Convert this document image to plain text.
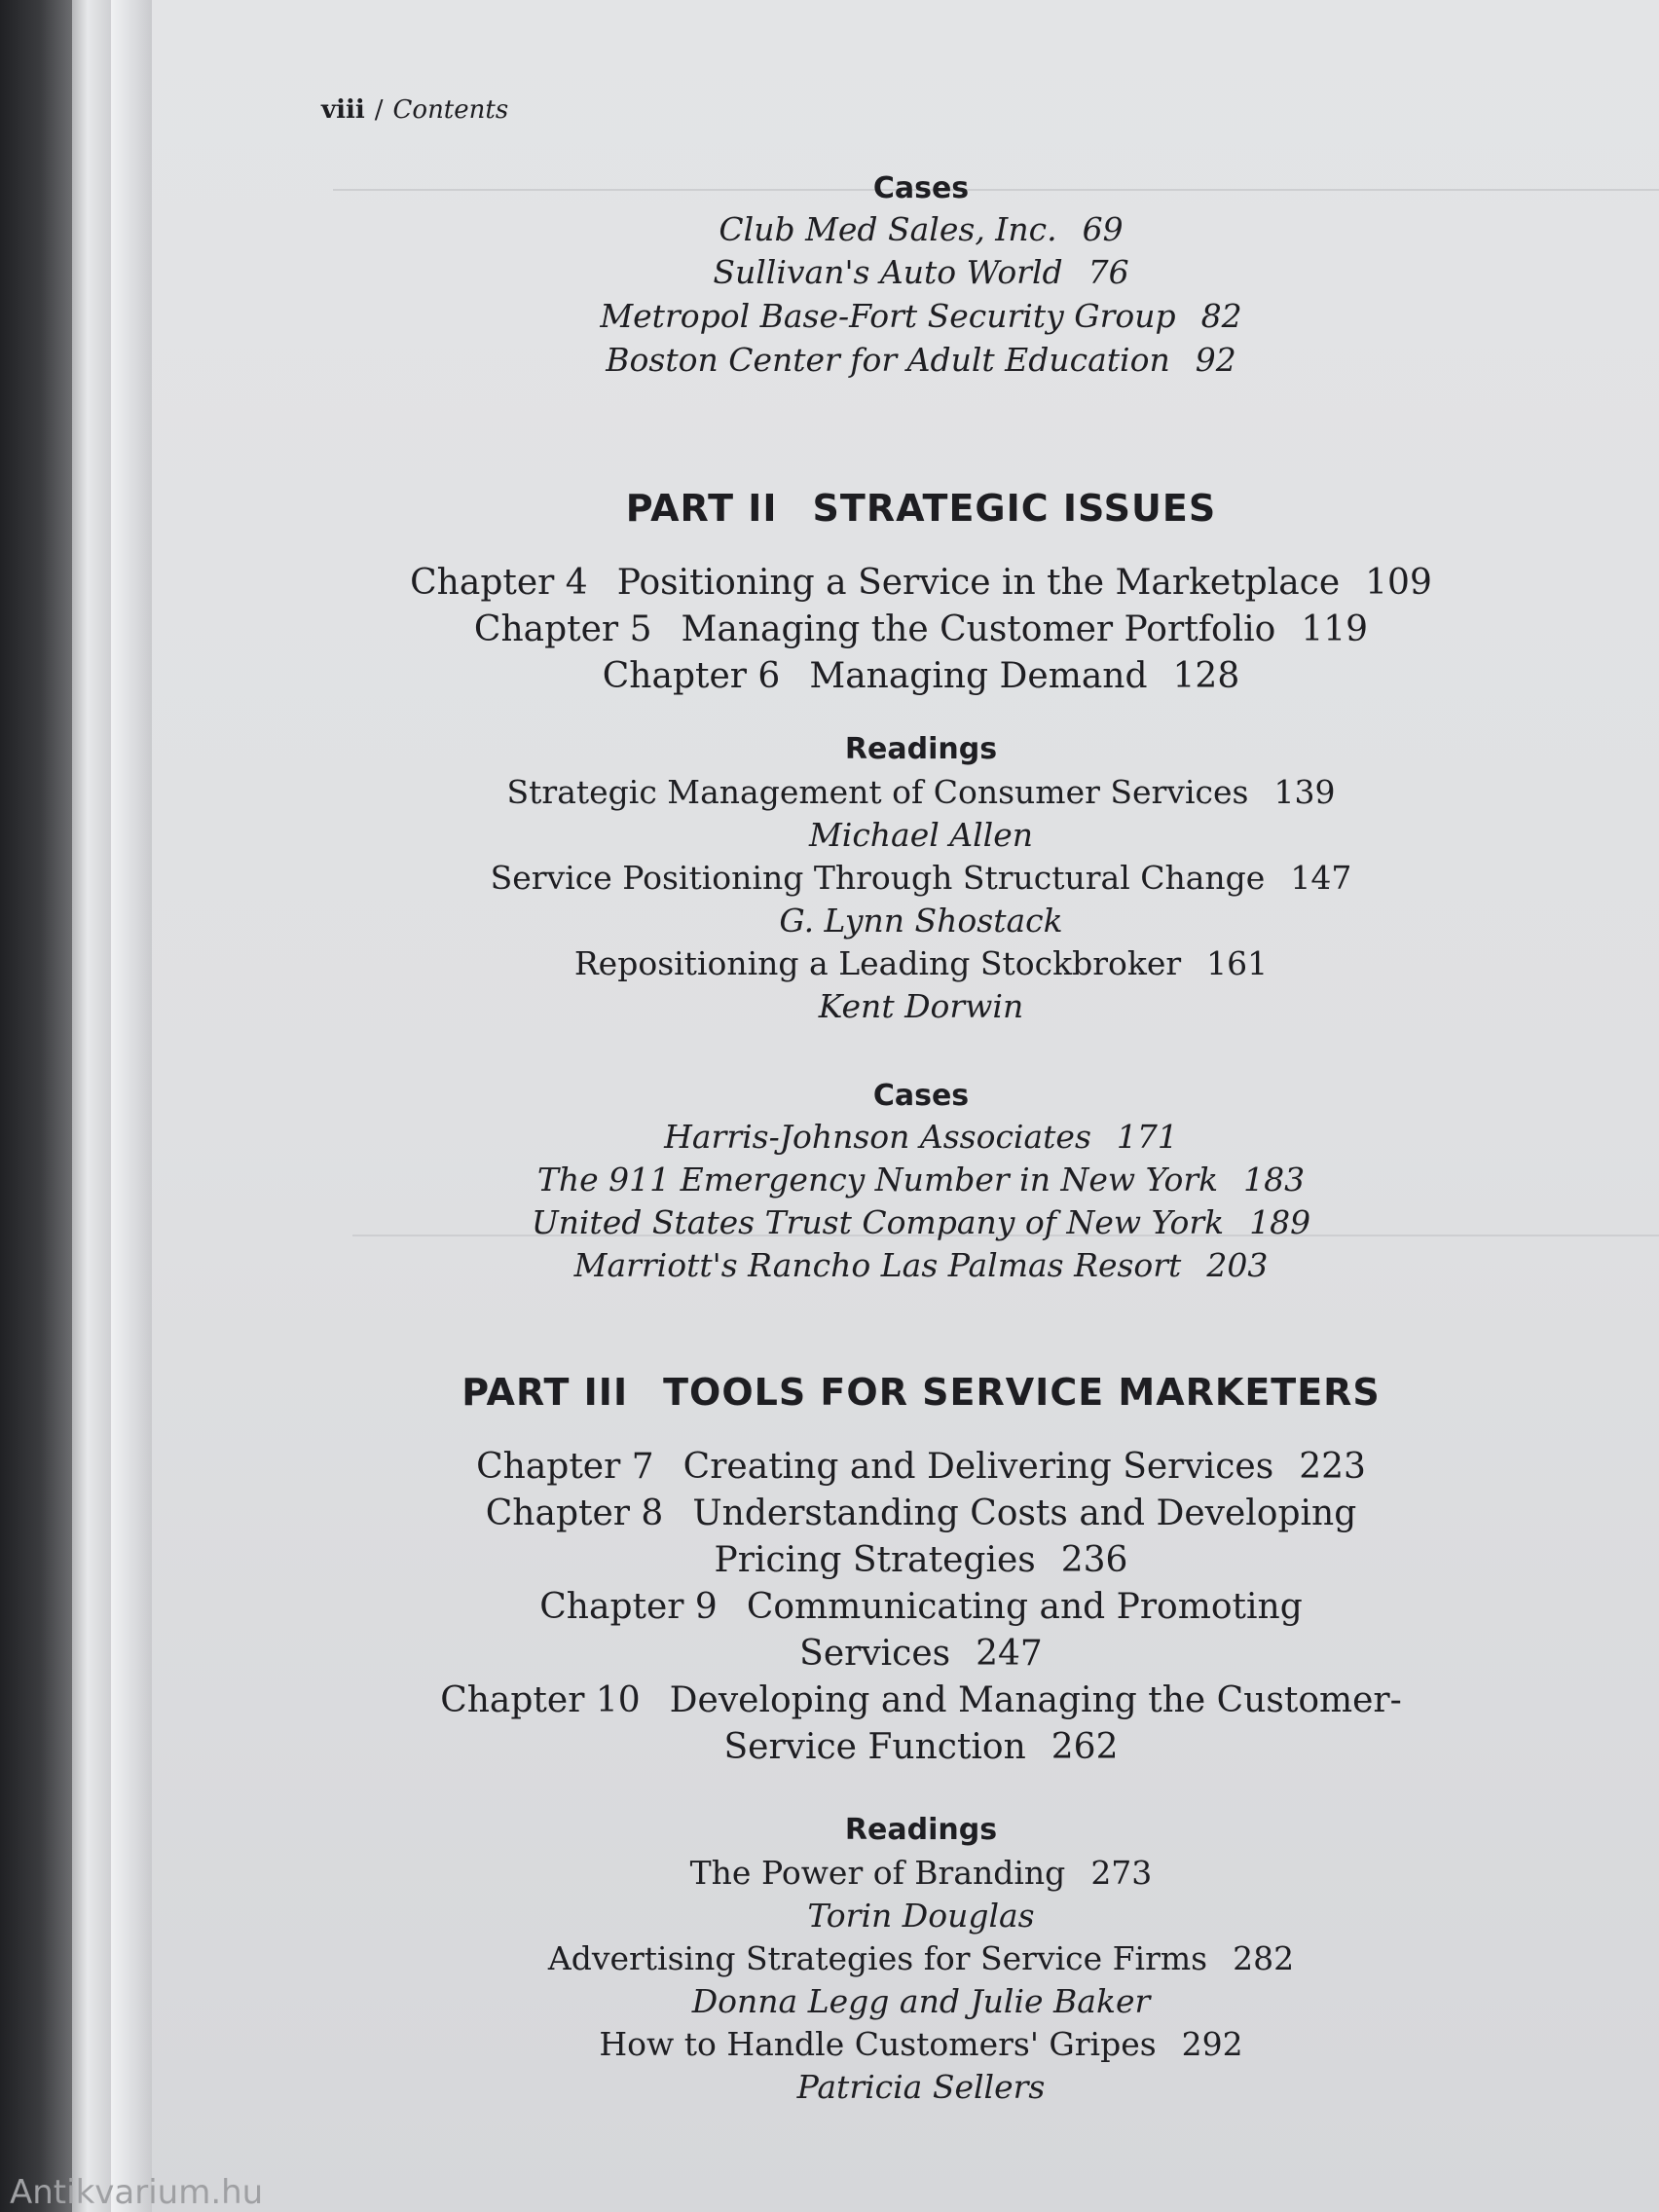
viii / Contents
Cases
Club Med Sales, Inc. 69
Sullivan's Auto World 76
Metropol Base-Fort Security Group 82
Boston Center for Adult Education 92
PART II STRATEGIC ISSUES
Chapter 4 Positioning a Service in the Marketplace 109
Chapter 5 Managing the Customer Portfolio 119
Chapter 6 Managing Demand 128
Readings
Strategic Management of Consumer Services 139
Michael Allen
Service Positioning Through Structural Change 147
G. Lynn Shostack
Repositioning a Leading Stockbroker 161
Kent Dorwin
Cases
Harris-Johnson Associates 171
The 911 Emergency Number in New York 183
United States Trust Company of New York 189
Marriott's Rancho Las Palmas Resort 203
PART III TOOLS FOR SERVICE MARKETERS
Chapter 7 Creating and Delivering Services 223
Chapter 8 Understanding Costs and Developing
Pricing Strategies 236
Chapter 9 Communicating and Promoting
Services 247
Chapter 10 Developing and Managing the Customer-
Service Function 262
Readings
The Power of Branding 273
Torin Douglas
Advertising Strategies for Service Firms 282
Donna Legg and Julie Baker
How to Handle Customers' Gripes 292
Patricia Sellers
Antikvarium.hu
